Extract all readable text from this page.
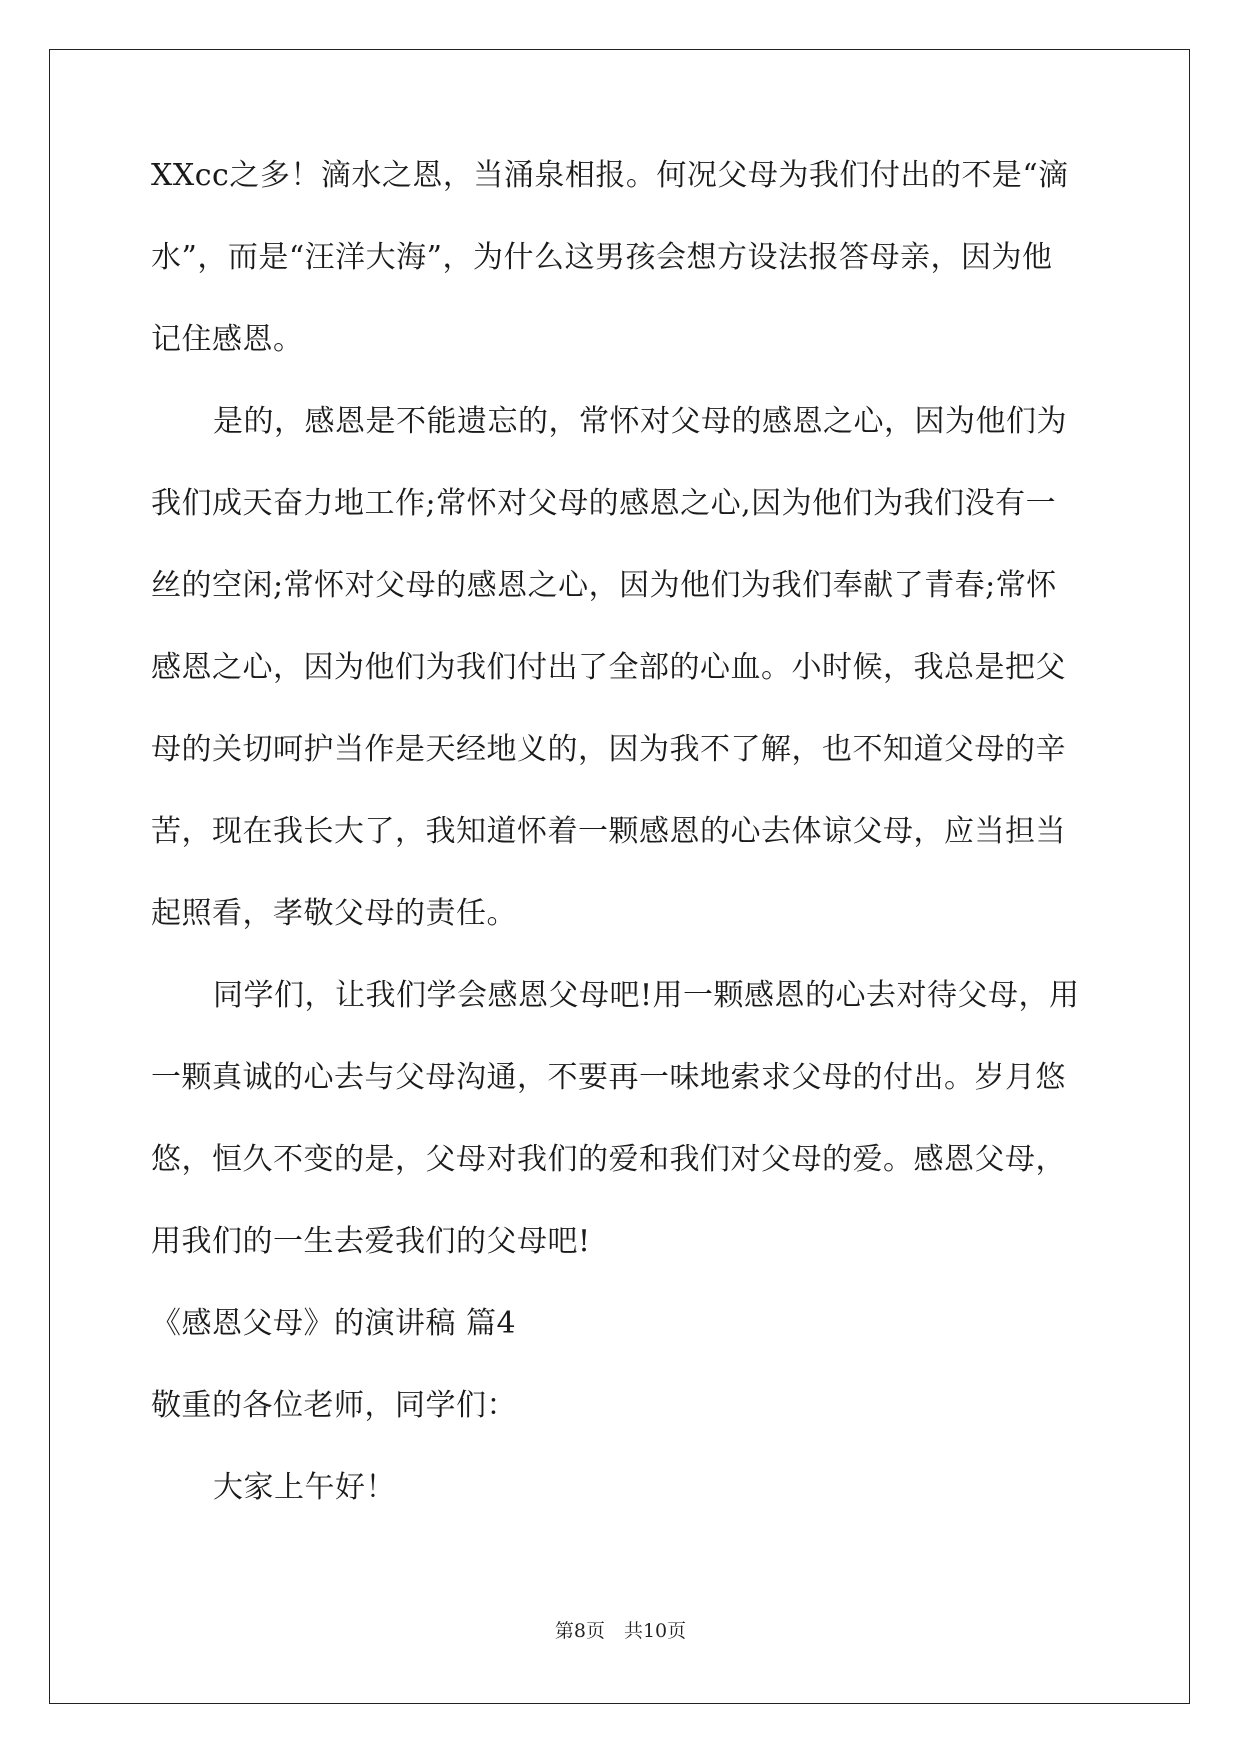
XXcc之多！滴水之恩，当涌泉相报。何况父母为我们付出的不是“滴
水”，而是“汪洋大海”，为什么这男孩会想方设法报答母亲，因为他
记住感恩。
是的，感恩是不能遗忘的，常怀对父母的感恩之心，因为他们为
我们成天奋力地工作;常怀对父母的感恩之心,因为他们为我们没有一
丝的空闲;常怀对父母的感恩之心，因为他们为我们奉献了青春;常怀
感恩之心，因为他们为我们付出了全部的心血。小时候，我总是把父
母的关切呵护当作是天经地义的，因为我不了解，也不知道父母的辛
苦，现在我长大了，我知道怀着一颗感恩的心去体谅父母，应当担当
起照看，孝敬父母的责任。
同学们，让我们学会感恩父母吧!用一颗感恩的心去对待父母，用
一颗真诚的心去与父母沟通，不要再一味地索求父母的付出。岁月悠
悠，恒久不变的是，父母对我们的爱和我们对父母的爱。感恩父母，
用我们的一生去爱我们的父母吧!
《感恩父母》的演讲稿 篇4
敬重的各位老师，同学们：
大家上午好！
第8页　共10页
